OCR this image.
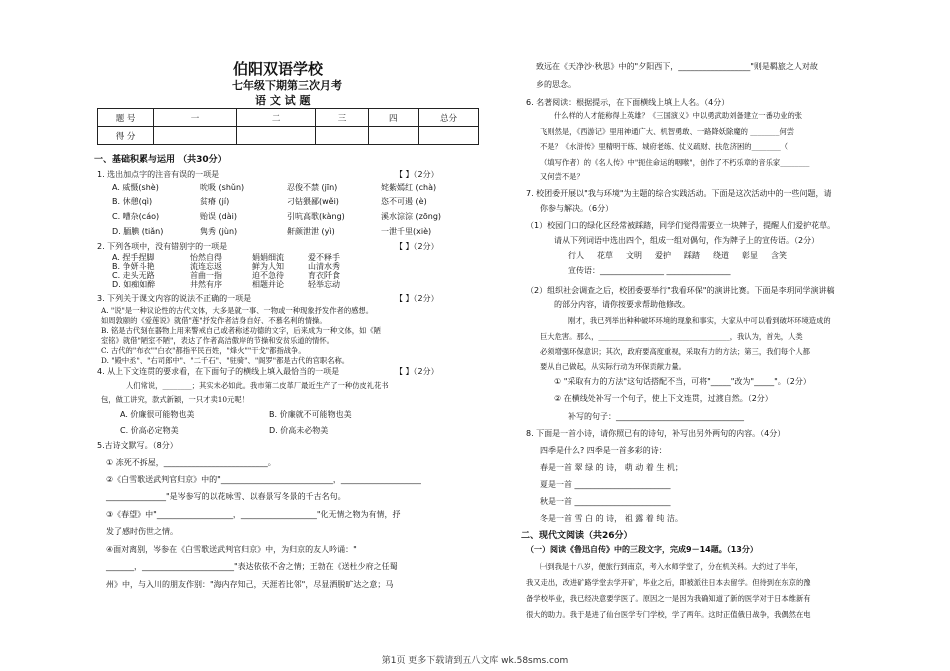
伯阳双语学校
七年级下期第三次月考
语 文 试 题
题 号	一	二	三	四	总分
得 分					
一、基础积累与运用 （共30分）
1. 选出加点字的注音有误的一项是	【 】（2分）
A. 威慑(shè)	吮吸 (shǔn)	忍俊不禁 (jīn)	姹紫嫣红 (chà)
B. 休憩(qì)	贫瘠 (jí)	刁钻猥鄙(wěi)	恣不可遏 (è)
C. 嘈杂(cáo)	贻误 (dài)	引吭高歌(kàng)	溪水淙淙 (zōng)
D. 腼腆 (tiǎn)	隽秀 (jùn)	鼾颜泄泄 (yì)	一泄千里(xiè)
2. 下列各项中，没有错别字的一项是	【 】（2分）
A. 捏手捏脚	怡然自得	娟娟细流	爱不释手
B. 争妍斗艳	流连忘返	鲜为人知	山清水秀
C. 走头无路	首曲一指	迫不急待	育衣阡食
D. 如痴如醉	井然有序	相题并论	轻举忘动
3. 下列关于课文内容的说法不正确的一项是	【 】（2分）
A. "说"是一种议论性的古代文体，大多是就一事、一物或一种现象抒发作者的感想。
如周敦颐的《爱莲说》就借"莲"抒发作者洁身自好、不慕名利的情操。
B. 铭是古代刻在器物上用来警戒自己或者称述功德的文字，后来成为一种文体，如《陋
室铭》就借"陋室不陋"，表达了作者高洁傲岸的节操和安贫乐道的情怀。
C. 古代的"布衣""白衣"都指平民百姓，"烽火""干戈"都指战争。
D. "殿中丞"、"右司郎中"、"二千石"、"驻骑"、"阁罗"都是古代的官职名称。
4. 从上下文连贯的要求看，在下面句子的横线上填入最恰当的一项是	【 】（2分）
人们常说，________；其实未必如此。我市第二皮革厂最近生产了一种仿皮礼花书
包，做工讲究，款式新颖，一只才卖10元呢！
A. 价廉很可能物也美	B. 价廉就不可能物也美
C. 价高必定物美	D. 价高未必物美
5.古诗文默写。（8分）
① 冻死不拆屋，__________________________。
②《白雪歌送武判官归京》中的"____________________________，____________________
_______________"是岑参写的以花咏雪、以春景写冬景的千古名句。
③《春望》中"___________________，___________________"化无情之物为有情，抒
发了感时伤世之情。
④面对离别，岑参在《白雪歌送武判官归京》中，为归京的友人吟诵："
_______，_______________________"表达依依不舍之情；王勃在《送杜少府之任蜀
州》中，与入川的朋友作别："海内存知己，天涯若比邻"，尽显洒脱旷达之意；马
致远在《天净沙·秋思》中的"夕阳西下，__________________"则是羁旅之人对故
乡的思念。
6. 名著阅读：根据提示，在下面横线上填上人名。（4分）
什么样的人才能称得上英雄？《三国演义》中以勇武助刘备建立一番功业的张
飞则然是，《西游记》里用神通广大、机智勇敢、一路降妖除魔的 ________何尝
不是？《水浒传》里精明干练、城府老练、仗义疏财、扶危济困的________（
（填写作者）的《名人传》中"扼住命运的咽喉"，创作了不朽乐章的音乐家________
又何尝不是？
7. 校团委开展以"我与环境"为主题的综合实践活动。下面是这次活动中的一些问题，请
你参与解决。（6分）
（1）校园门口的绿化区经常被踩踏，同学们觉得需要立一块牌子，提醒人们爱护花草。
请从下列词语中选出四个，组成一组对偶句，作为牌子上的宣传语。（2分）
行人 花草 文明 爱护 踩踏 绕道 彰显 含笑
宣传语：________________ ________________
（2）组织社会调查之后，校团委要举行"我看环保"的演讲比赛。下面是李玥同学演讲稿
的部分内容，请你按要求帮助他修改。
刚才，我已列举出种种破坏环境的现象和事实，大家从中可以看到破坏环境造成的
巨大危害。那么，____________________________________，我认为，首先，人类
必须增强环保意识；其次，政府要高度重视，采取有力的方法；第三，我们每个人都
要从自己做起，从实际行动为环保贡献力量。
① "采取有力的方法"这句话搭配不当，可将"_____"改为"_____"。（2分）
② 在横线处补写一个句子，使上下文连贯，过渡自然。（2分）
补写的句子：________________________________
8. 下面是一首小诗，请你照已有的诗句，补写出另外两句的内容。（4分）
四季是什么? 四季是一首多彩的诗：
春是一首 翠 绿 的 诗， 萌 动 着 生 机；
夏是一首 ________________________
秋是一首 ________________________
冬是一首 雪 白 的 诗， 祖 露 着 纯 洁。
二、现代文阅读（共26分）
（一）阅读《鲁迅自传》中的三段文字，完成9－14题。（13分）
㈠到我是十八岁，便旅行到南京，考入水师学堂了，分在机关科。大约过了半年，
我又走出，改进矿路学堂去学开矿，毕业之后，即被派往日本去留学。但待到在东京的豫
备学校毕业，我已经决意要学医了。原因之一是因为我确知道了新的医学对于日本维新有
很大的助力。我于是进了仙台医学专门学校，学了两年。这时正值俄日战争，我偶然在电
第1页 更多下载请到五八文库 wk.58sms.com
